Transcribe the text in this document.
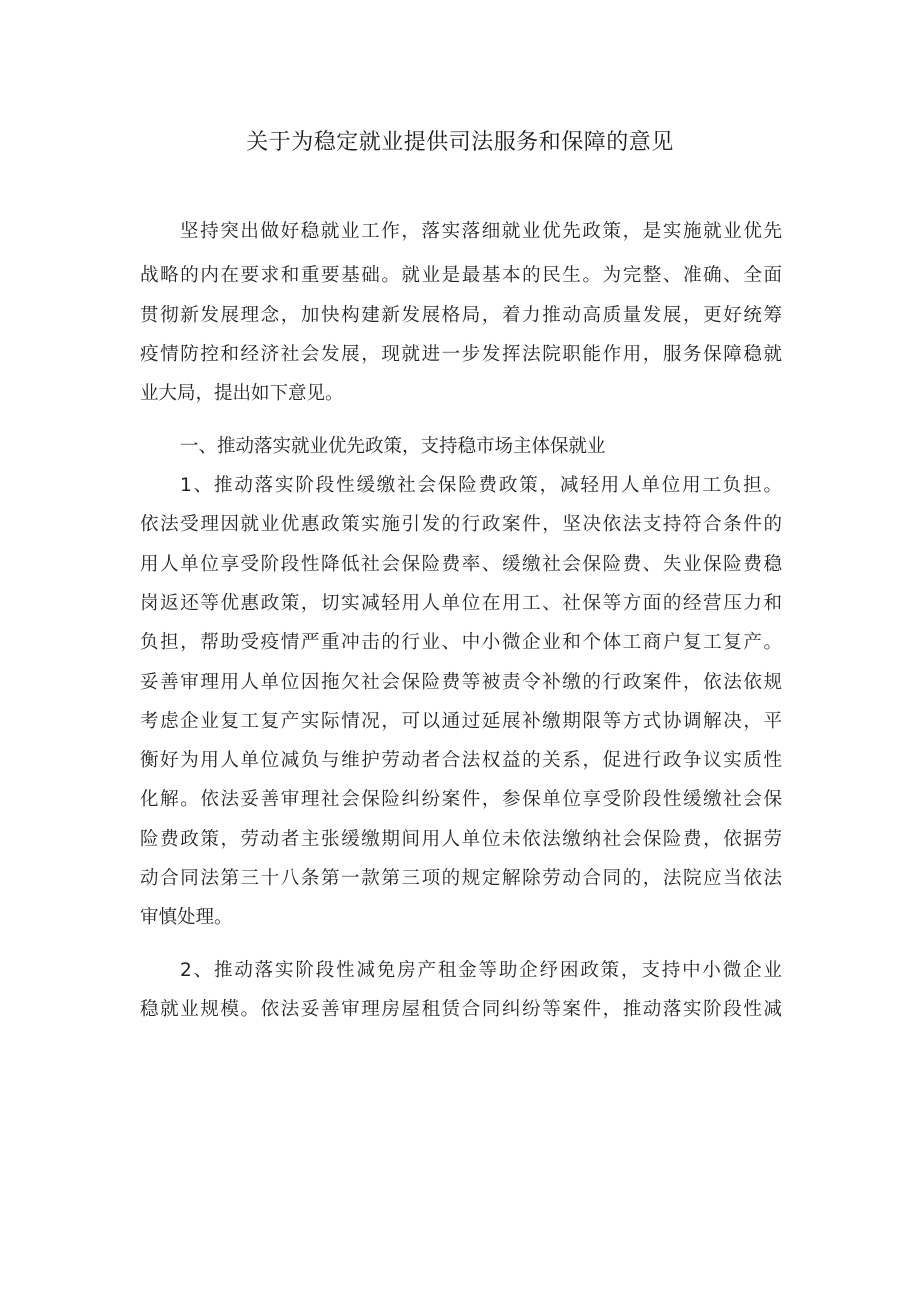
关于为稳定就业提供司法服务和保障的意见
坚持突出做好稳就业工作，落实落细就业优先政策，是实施就业优先
战略的内在要求和重要基础。就业是最基本的民生。为完整、准确、全面
贯彻新发展理念，加快构建新发展格局，着力推动高质量发展，更好统筹
疫情防控和经济社会发展，现就进一步发挥法院职能作用，服务保障稳就
业大局，提出如下意见。
一、推动落实就业优先政策，支持稳市场主体保就业
1、推动落实阶段性缓缴社会保险费政策，减轻用人单位用工负担。
依法受理因就业优惠政策实施引发的行政案件，坚决依法支持符合条件的
用人单位享受阶段性降低社会保险费率、缓缴社会保险费、失业保险费稳
岗返还等优惠政策，切实减轻用人单位在用工、社保等方面的经营压力和
负担，帮助受疫情严重冲击的行业、中小微企业和个体工商户复工复产。
妥善审理用人单位因拖欠社会保险费等被责令补缴的行政案件，依法依规
考虑企业复工复产实际情况，可以通过延展补缴期限等方式协调解决，平
衡好为用人单位减负与维护劳动者合法权益的关系，促进行政争议实质性
化解。依法妥善审理社会保险纠纷案件，参保单位享受阶段性缓缴社会保
险费政策，劳动者主张缓缴期间用人单位未依法缴纳社会保险费，依据劳
动合同法第三十八条第一款第三项的规定解除劳动合同的，法院应当依法
审慎处理。
2、推动落实阶段性减免房产租金等助企纾困政策，支持中小微企业
稳就业规模。依法妥善审理房屋租赁合同纠纷等案件，推动落实阶段性减
